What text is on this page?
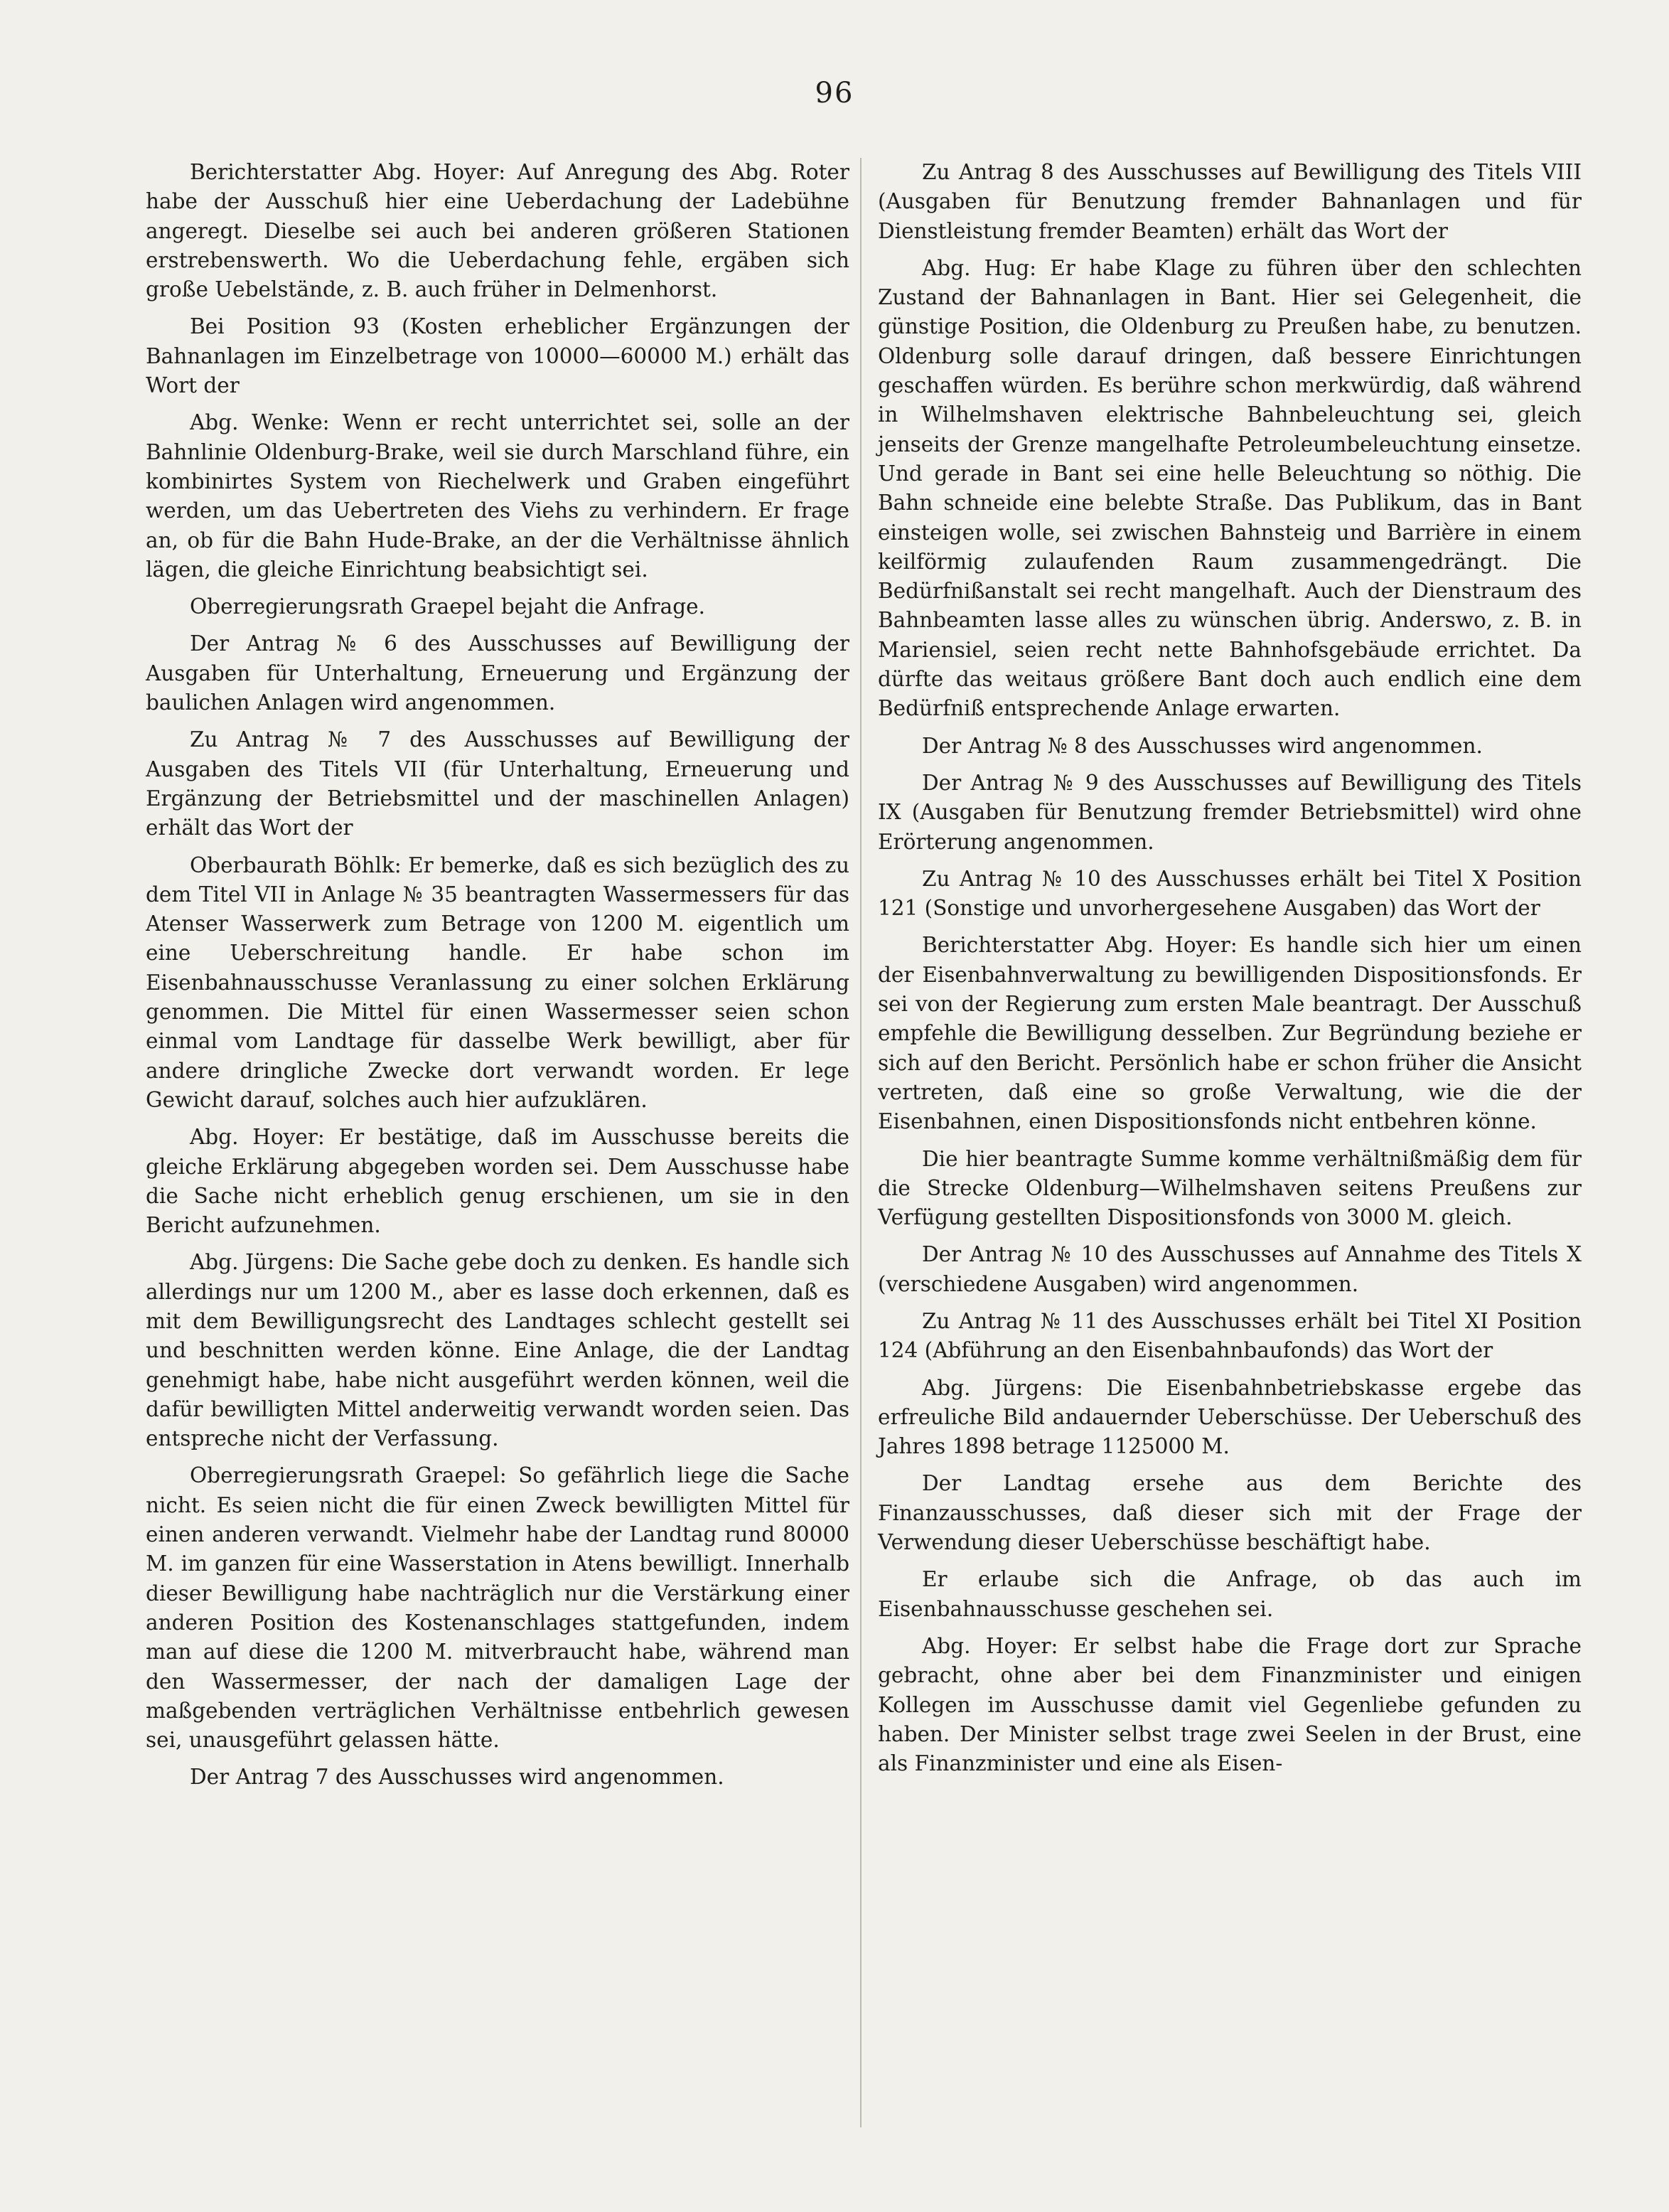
96

Berichterstatter Abg. Hoyer: Auf Anregung des Abg. Roter habe der Ausschuß hier eine Ueberdachung der Ladebühne angeregt. Dieselbe sei auch bei anderen größeren Stationen erstrebenswerth. Wo die Ueberdachung fehle, ergäben sich große Uebelstände, z. B. auch früher in Delmenhorst.

Bei Position 93 (Kosten erheblicher Ergänzungen der Bahnanlagen im Einzelbetrage von 10000—60000 M.) erhält das Wort der

Abg. Wenke: Wenn er recht unterrichtet sei, solle an der Bahnlinie Oldenburg-Brake, weil sie durch Marschland führe, ein kombinirtes System von Riechelwerk und Graben eingeführt werden, um das Uebertreten des Viehs zu verhindern. Er frage an, ob für die Bahn Hude-Brake, an der die Verhältnisse ähnlich lägen, die gleiche Einrichtung beabsichtigt sei.

Oberregierungsrath Graepel bejaht die Anfrage.

Der Antrag № 6 des Ausschusses auf Bewilligung der Ausgaben für Unterhaltung, Erneuerung und Ergänzung der baulichen Anlagen wird angenommen.

Zu Antrag № 7 des Ausschusses auf Bewilligung der Ausgaben des Titels VII (für Unterhaltung, Erneuerung und Ergänzung der Betriebsmittel und der maschinellen Anlagen) erhält das Wort der

Oberbaurath Böhlk: Er bemerke, daß es sich bezüglich des zu dem Titel VII in Anlage № 35 beantragten Wassermessers für das Atenser Wasserwerk zum Betrage von 1200 M. eigentlich um eine Ueberschreitung handle. Er habe schon im Eisenbahnausschusse Veranlassung zu einer solchen Erklärung genommen. Die Mittel für einen Wassermesser seien schon einmal vom Landtage für dasselbe Werk bewilligt, aber für andere dringliche Zwecke dort verwandt worden. Er lege Gewicht darauf, solches auch hier aufzuklären.

Abg. Hoyer: Er bestätige, daß im Ausschusse bereits die gleiche Erklärung abgegeben worden sei. Dem Ausschusse habe die Sache nicht erheblich genug erschienen, um sie in den Bericht aufzunehmen.

Abg. Jürgens: Die Sache gebe doch zu denken. Es handle sich allerdings nur um 1200 M., aber es lasse doch erkennen, daß es mit dem Bewilligungsrecht des Landtages schlecht gestellt sei und beschnitten werden könne. Eine Anlage, die der Landtag genehmigt habe, habe nicht ausgeführt werden können, weil die dafür bewilligten Mittel anderweitig verwandt worden seien. Das entspreche nicht der Verfassung.

Oberregierungsrath Graepel: So gefährlich liege die Sache nicht. Es seien nicht die für einen Zweck bewilligten Mittel für einen anderen verwandt. Vielmehr habe der Landtag rund 80000 M. im ganzen für eine Wasserstation in Atens bewilligt. Innerhalb dieser Bewilligung habe nachträglich nur die Verstärkung einer anderen Position des Kostenanschlages stattgefunden, indem man auf diese die 1200 M. mitverbraucht habe, während man den Wassermesser, der nach der damaligen Lage der maßgebenden verträglichen Verhältnisse entbehrlich gewesen sei, unausgeführt gelassen hätte.

Der Antrag 7 des Ausschusses wird angenommen.

Zu Antrag 8 des Ausschusses auf Bewilligung des Titels VIII (Ausgaben für Benutzung fremder Bahnanlagen und für Dienstleistung fremder Beamten) erhält das Wort der

Abg. Hug: Er habe Klage zu führen über den schlechten Zustand der Bahnanlagen in Bant. Hier sei Gelegenheit, die günstige Position, die Oldenburg zu Preußen habe, zu benutzen. Oldenburg solle darauf dringen, daß bessere Einrichtungen geschaffen würden. Es berühre schon merkwürdig, daß während in Wilhelmshaven elektrische Bahnbeleuchtung sei, gleich jenseits der Grenze mangelhafte Petroleumbeleuchtung einsetze. Und gerade in Bant sei eine helle Beleuchtung so nöthig. Die Bahn schneide eine belebte Straße. Das Publikum, das in Bant einsteigen wolle, sei zwischen Bahnsteig und Barrière in einem keilförmig zulaufenden Raum zusammengedrängt. Die Bedürfnißanstalt sei recht mangelhaft. Auch der Dienstraum des Bahnbeamten lasse alles zu wünschen übrig. Anderswo, z. B. in Mariensiel, seien recht nette Bahnhofsgebäude errichtet. Da dürfte das weitaus größere Bant doch auch endlich eine dem Bedürfniß entsprechende Anlage erwarten.

Der Antrag № 8 des Ausschusses wird angenommen.

Der Antrag № 9 des Ausschusses auf Bewilligung des Titels IX (Ausgaben für Benutzung fremder Betriebsmittel) wird ohne Erörterung angenommen.

Zu Antrag № 10 des Ausschusses erhält bei Titel X Position 121 (Sonstige und unvorhergesehene Ausgaben) das Wort der

Berichterstatter Abg. Hoyer: Es handle sich hier um einen der Eisenbahnverwaltung zu bewilligenden Dispositionsfonds. Er sei von der Regierung zum ersten Male beantragt. Der Ausschuß empfehle die Bewilligung desselben. Zur Begründung beziehe er sich auf den Bericht. Persönlich habe er schon früher die Ansicht vertreten, daß eine so große Verwaltung, wie die der Eisenbahnen, einen Dispositionsfonds nicht entbehren könne.

Die hier beantragte Summe komme verhältnißmäßig dem für die Strecke Oldenburg—Wilhelmshaven seitens Preußens zur Verfügung gestellten Dispositionsfonds von 3000 M. gleich.

Der Antrag № 10 des Ausschusses auf Annahme des Titels X (verschiedene Ausgaben) wird angenommen.

Zu Antrag № 11 des Ausschusses erhält bei Titel XI Position 124 (Abführung an den Eisenbahnbaufonds) das Wort der

Abg. Jürgens: Die Eisenbahnbetriebskasse ergebe das erfreuliche Bild andauernder Ueberschüsse. Der Ueberschuß des Jahres 1898 betrage 1125000 M.

Der Landtag ersehe aus dem Berichte des Finanzausschusses, daß dieser sich mit der Frage der Verwendung dieser Ueberschüsse beschäftigt habe.

Er erlaube sich die Anfrage, ob das auch im Eisenbahnausschusse geschehen sei.

Abg. Hoyer: Er selbst habe die Frage dort zur Sprache gebracht, ohne aber bei dem Finanzminister und einigen Kollegen im Ausschusse damit viel Gegenliebe gefunden zu haben. Der Minister selbst trage zwei Seelen in der Brust, eine als Finanzminister und eine als Eisen-
